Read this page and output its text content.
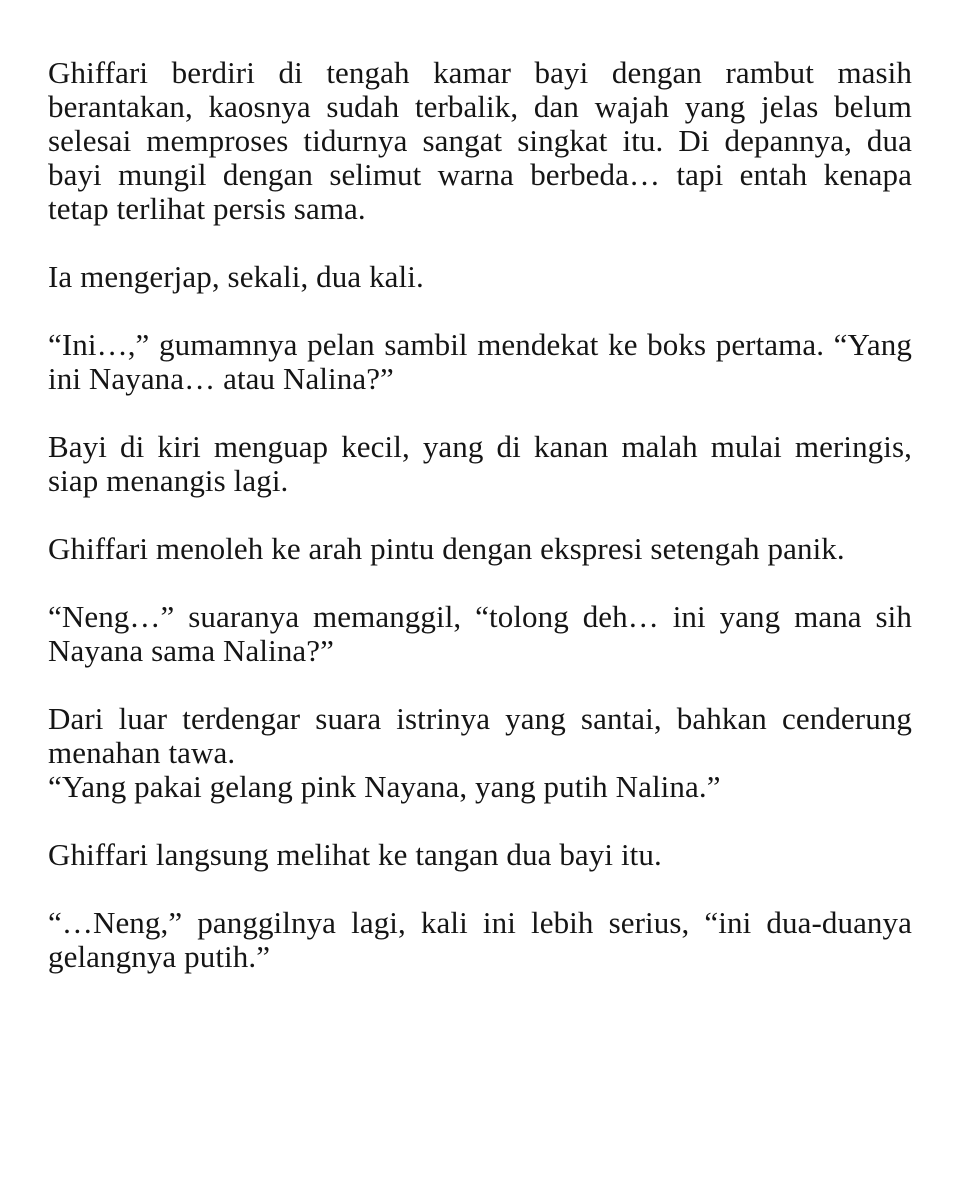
Ghiffari berdiri di tengah kamar bayi dengan rambut masih berantakan, kaosnya sudah terbalik, dan wajah yang jelas belum selesai memproses tidurnya sangat singkat itu. Di depannya, dua bayi mungil dengan selimut warna berbeda… tapi entah kenapa tetap terlihat persis sama.

Ia mengerjap, sekali, dua kali.

“Ini…,” gumamnya pelan sambil mendekat ke boks pertama. “Yang ini Nayana… atau Nalina?”

Bayi di kiri menguap kecil, yang di kanan malah mulai meringis, siap menangis lagi.

Ghiffari menoleh ke arah pintu dengan ekspresi setengah panik.

“Neng…” suaranya memanggil, “tolong deh… ini yang mana sih Nayana sama Nalina?”

Dari luar terdengar suara istrinya yang santai, bahkan cenderung menahan tawa.

“Yang pakai gelang pink Nayana, yang putih Nalina.”

Ghiffari langsung melihat ke tangan dua bayi itu.

“…Neng,” panggilnya lagi, kali ini lebih serius, “ini dua-duanya gelangnya putih.”
